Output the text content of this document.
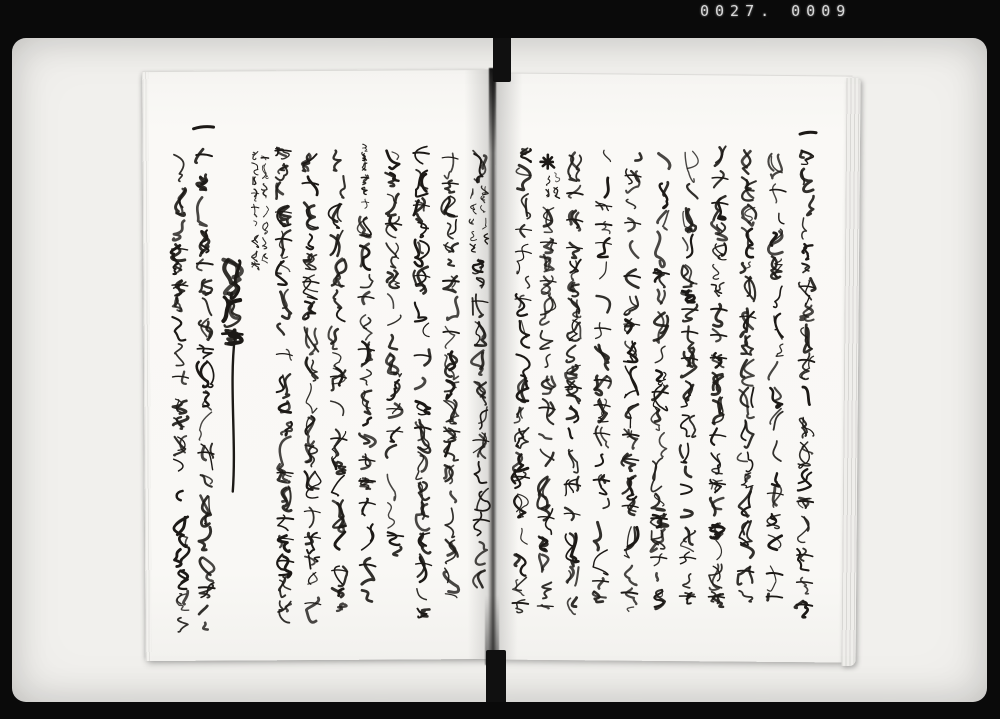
0027. 0009
